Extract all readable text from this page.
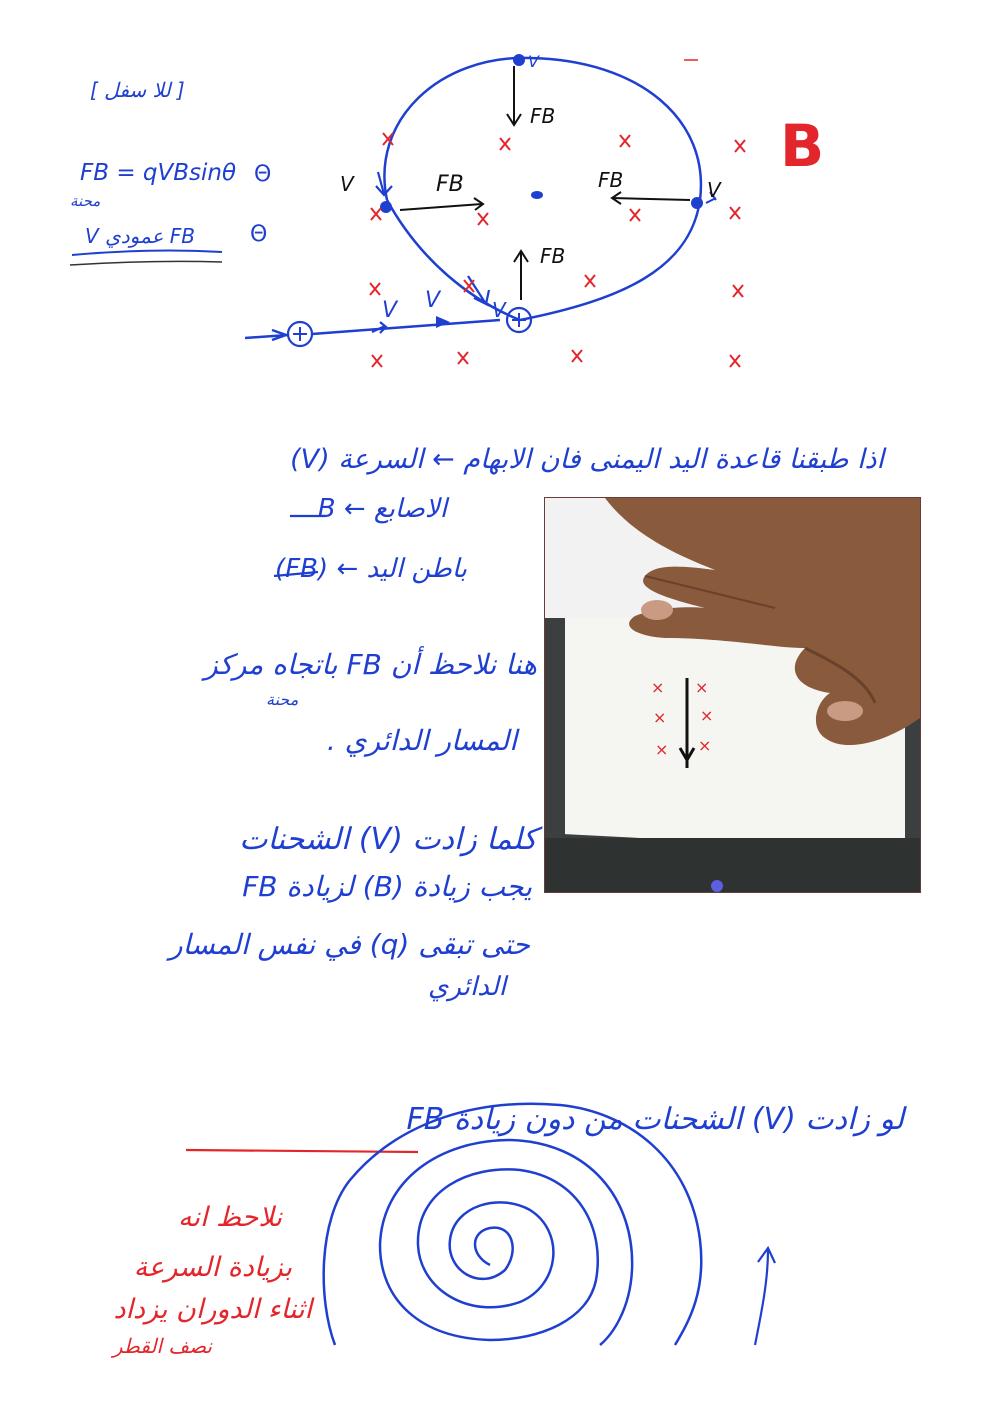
B
FB
FB	FB
FB
V	V
V
V V
V
[ للا سفل ]
FB = qVBsinθ Θ
محنة
V عمودي FB Θ
اذا طبقنا قاعدة اليد اليمنى فان الابهام ← السرعة (V)
الاصابع ← B
باطن اليد ← (FB)
هنا نلاحظ أن FB باتجاه مركز
محنة
المسار الدائري .
كلما زادت (V) الشحنات
يجب زيادة (B) لزيادة FB
حتى تبقى (q) في نفس المسار
الدائري
لو زادت (V) الشحنات من دون زيادة FB
نلاحظ انه
بزيادة السرعة
اثناء الدوران يزداد
نصف القطر
× ×
× ×
× ×
